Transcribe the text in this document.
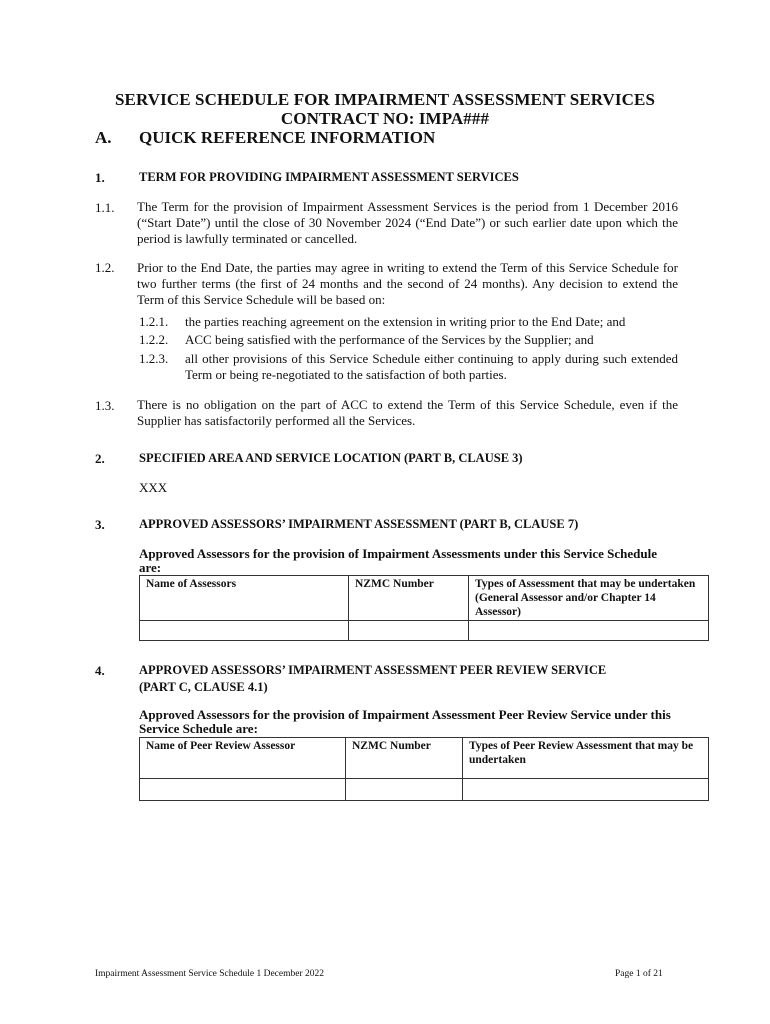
SERVICE SCHEDULE FOR IMPAIRMENT ASSESSMENT SERVICES
CONTRACT NO: IMPA###
A. QUICK REFERENCE INFORMATION
1.	TERM FOR PROVIDING IMPAIRMENT ASSESSMENT SERVICES
1.1. The Term for the provision of Impairment Assessment Services is the period from 1 December 2016 (“Start Date”) until the close of 30 November 2024 (“End Date”) or such earlier date upon which the period is lawfully terminated or cancelled.
1.2. Prior to the End Date, the parties may agree in writing to extend the Term of this Service Schedule for two further terms (the first of 24 months and the second of 24 months). Any decision to extend the Term of this Service Schedule will be based on:
1.2.1. the parties reaching agreement on the extension in writing prior to the End Date; and
1.2.2. ACC being satisfied with the performance of the Services by the Supplier; and
1.2.3. all other provisions of this Service Schedule either continuing to apply during such extended Term or being re-negotiated to the satisfaction of both parties.
1.3. There is no obligation on the part of ACC to extend the Term of this Service Schedule, even if the Supplier has satisfactorily performed all the Services.
2.	SPECIFIED AREA AND SERVICE LOCATION (PART B, CLAUSE 3)
XXX
3.	APPROVED ASSESSORS’ IMPAIRMENT ASSESSMENT (PART B, CLAUSE 7)
Approved Assessors for the provision of Impairment Assessments under this Service Schedule are:
Name of Assessors	NZMC Number	Types of Assessment that may be undertaken (General Assessor and/or Chapter 14 Assessor)

4.	APPROVED ASSESSORS’ IMPAIRMENT ASSESSMENT PEER REVIEW SERVICE
(PART C, CLAUSE 4.1)
Approved Assessors for the provision of Impairment Assessment Peer Review Service under this Service Schedule are:
Name of Peer Review Assessor	NZMC Number	Types of Peer Review Assessment that may be undertaken

Impairment Assessment Service Schedule 1 December 2022	Page 1 of 21
